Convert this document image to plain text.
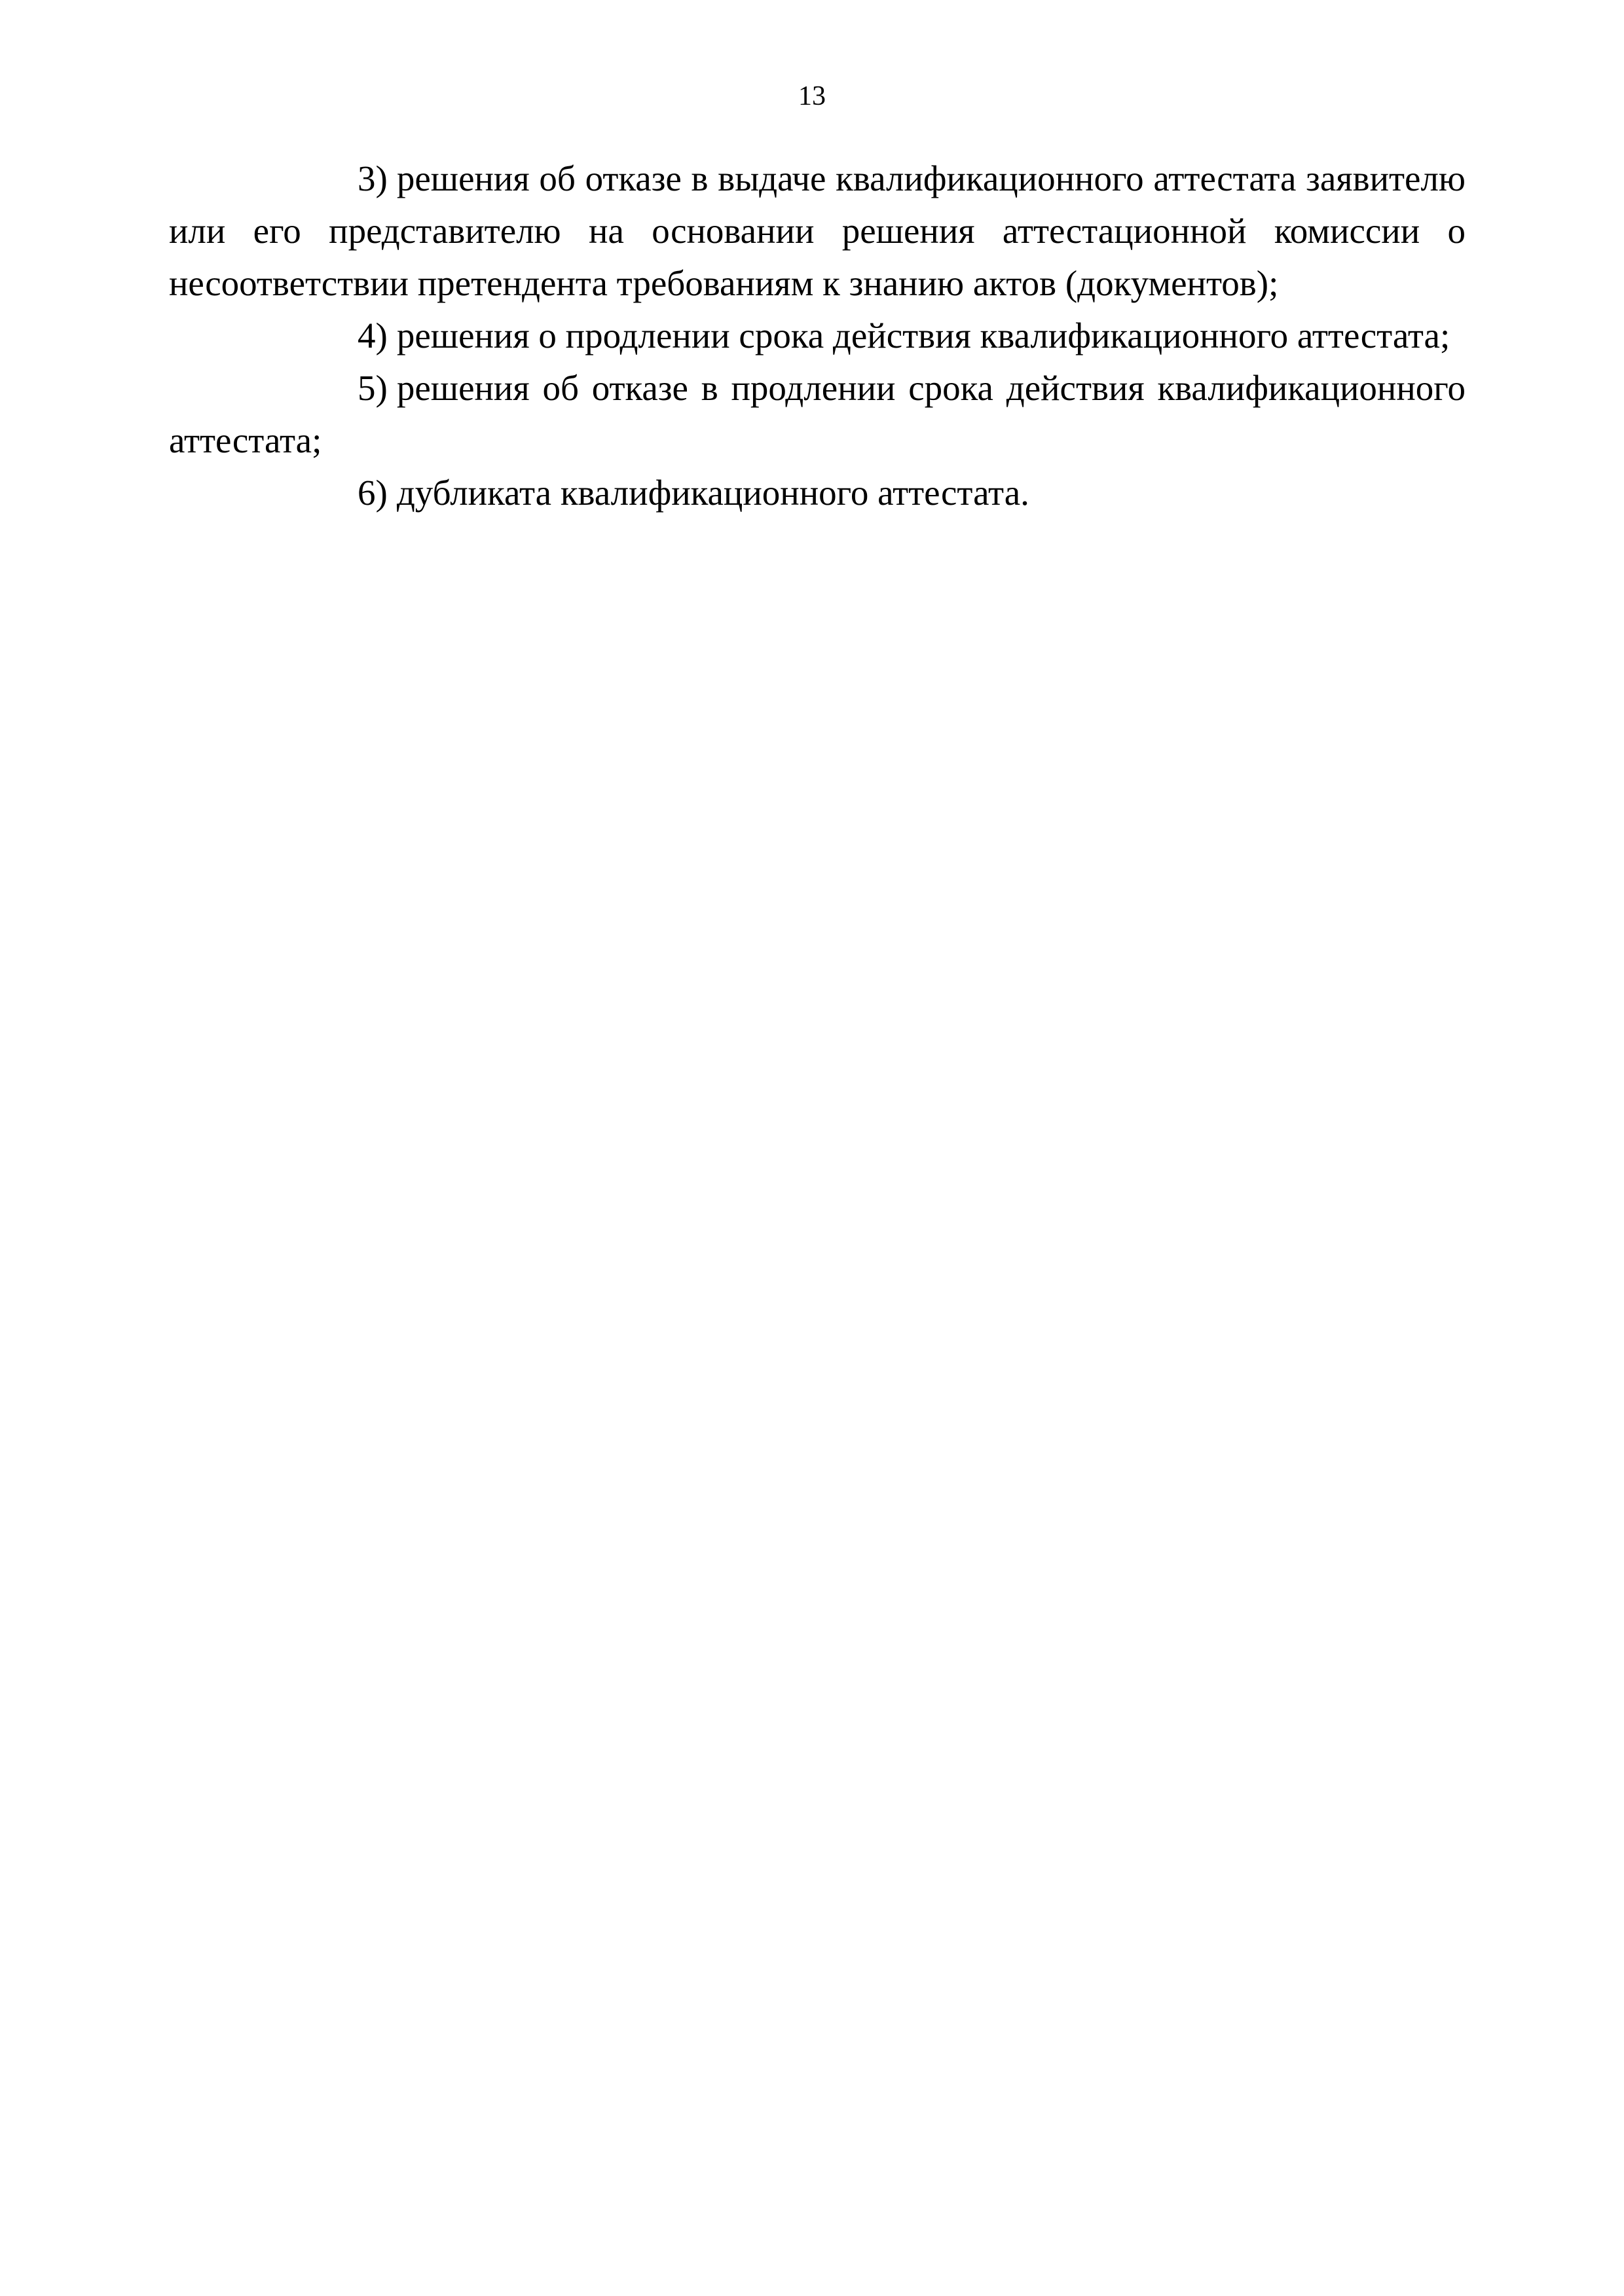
13

3) решения об отказе в выдаче квалификационного аттестата заявителю или его представителю на основании решения аттестационной комиссии о несоответствии претендента требованиям к знанию актов (документов);

4) решения о продлении срока действия квалификационного аттестата;

5) решения об отказе в продлении срока действия квалификационного аттестата;

6) дубликата квалификационного аттестата.
